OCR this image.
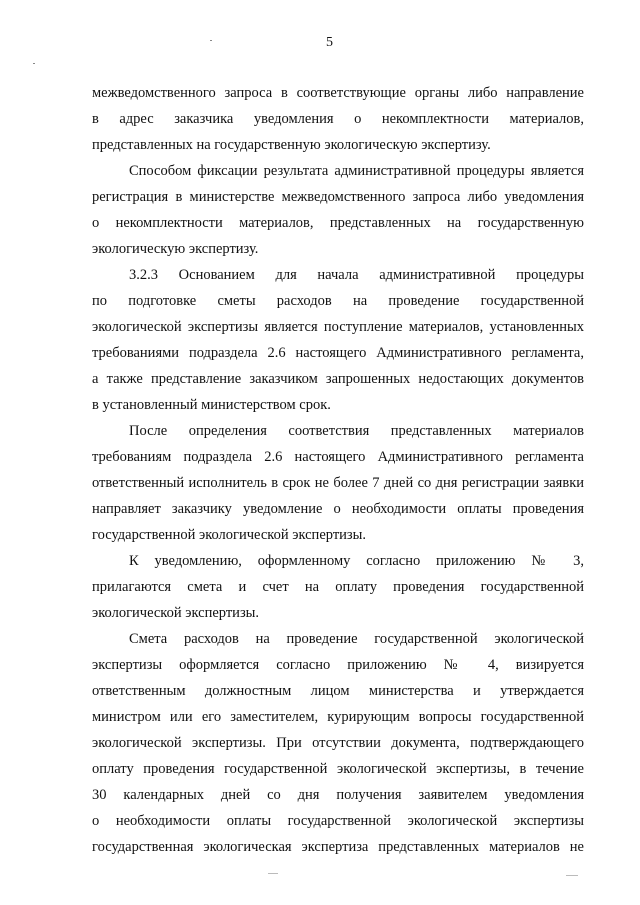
5
межведомственного запроса в соответствующие органы либо направление
в адрес заказчика уведомления о некомплектности материалов,
представленных на государственную экологическую экспертизу.
Способом фиксации результата административной процедуры является
регистрация в министерстве межведомственного запроса либо уведомления
о некомплектности материалов, представленных на государственную
экологическую экспертизу.
3.2.3 Основанием для начала административной процедуры
по подготовке сметы расходов на проведение государственной
экологической экспертизы является поступление материалов, установленных
требованиями подраздела 2.6 настоящего Административного регламента,
а также представление заказчиком запрошенных недостающих документов
в установленный министерством срок.
После определения соответствия представленных материалов
требованиям подраздела 2.6 настоящего Административного регламента
ответственный исполнитель в срок не более 7 дней со дня регистрации заявки
направляет заказчику уведомление о необходимости оплаты проведения
государственной экологической экспертизы.
К уведомлению, оформленному согласно приложению № 3,
прилагаются смета и счет на оплату проведения государственной
экологической экспертизы.
Смета расходов на проведение государственной экологической
экспертизы оформляется согласно приложению № 4, визируется
ответственным должностным лицом министерства и утверждается
министром или его заместителем, курирующим вопросы государственной
экологической экспертизы. При отсутствии документа, подтверждающего
оплату проведения государственной экологической экспертизы, в течение
30 календарных дней со дня получения заявителем уведомления
о необходимости оплаты государственной экологической экспертизы
государственная экологическая экспертиза представленных материалов не
